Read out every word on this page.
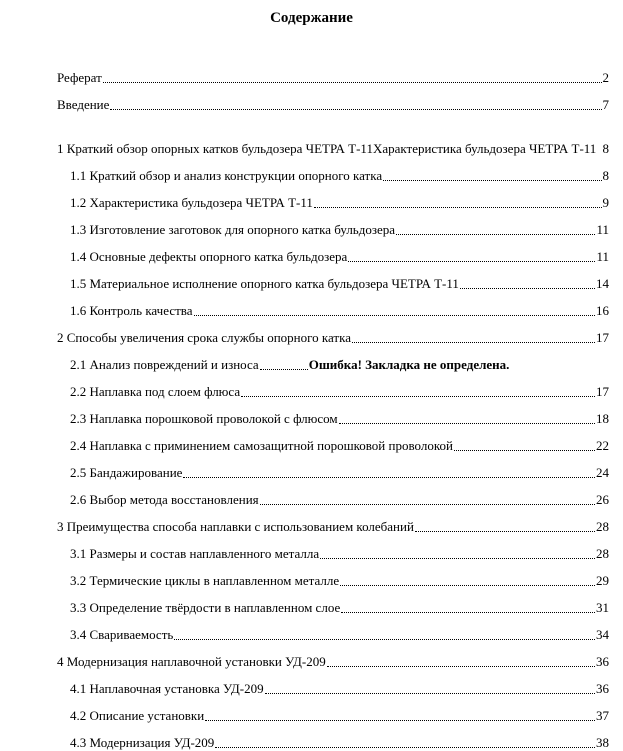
Содержание
Реферат	2
Введение	7
1 Краткий обзор опорных катков бульдозера ЧЕТРА Т-11Характеристика бульдозера ЧЕТРА Т-11 8
1.1 Краткий обзор и анализ конструкции опорного катка	8
1.2 Характеристика бульдозера ЧЕТРА Т-11	9
1.3 Изготовление заготовок для опорного катка бульдозера	11
1.4 Основные дефекты опорного катка бульдозера	11
1.5 Материальное исполнение опорного катка бульдозера ЧЕТРА Т-11	14
1.6 Контроль качества	16
2 Способы увеличения срока службы опорного катка	17
2.1 Анализ повреждений и износа	Ошибка! Закладка не определена.
2.2 Наплавка под слоем флюса	17
2.3 Наплавка порошковой проволокой с флюсом	18
2.4 Наплавка с приминением самозащитной порошковой проволокой	22
2.5 Бандажирование	24
2.6 Выбор метода восстановления	26
3 Преимущества способа наплавки с использованием колебаний	28
3.1 Размеры и состав наплавленного металла	28
3.2 Термические циклы в наплавленном металле	29
3.3 Определение твёрдости в наплавленном слое	31
3.4 Свариваемость	34
4 Модернизация наплавочной установки УД-209	36
4.1 Наплавочная установка УД-209	36
4.2 Описание установки	37
4.3 Модернизация УД-209	38
